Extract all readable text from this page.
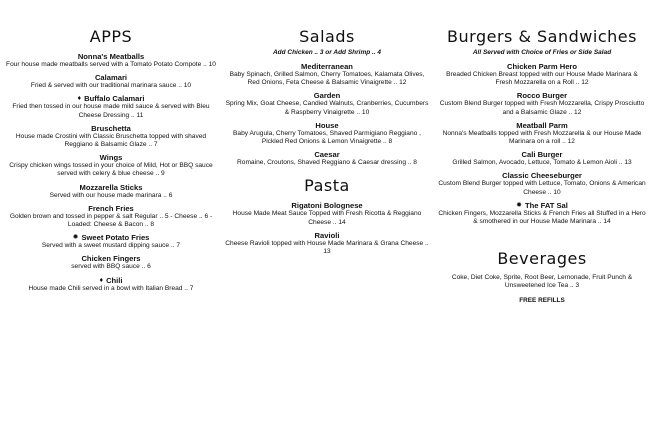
APPS
Nonna's Meatballs
Four house made meatballs served with a Tomato Potato Compote .. 10
Calamari
Fried & served with our traditional marinara sauce .. 10
♦ Buffalo Calamari
Fried then tossed in our house made mild sauce & served with Bleu Cheese Dressing .. 11
Bruschetta
House made Crostini with Classic Bruschetta topped with shaved Reggiano & Balsamic Glaze .. 7
Wings
Crispy chicken wings tossed in your choice of Mild, Hot or BBQ sauce served with celery & blue cheese .. 9
Mozzarella Sticks
Served with our house made marinara .. 6
French Fries
Golden brown and tossed in pepper & salt Regular .. 5 - Cheese .. 6 -Loaded: Cheese & Bacon .. 8
✹ Sweet Potato Fries
Served with a sweet mustard dipping sauce .. 7
Chicken Fingers
served with BBQ sauce .. 6
♦ Chili
House made Chili served in a bowl with Italian Bread .. 7
Salads
Add Chicken .. 3 or Add Shrimp .. 4
Mediterranean
Baby Spinach, Grilled Salmon, Cherry Tomatoes, Kalamata Olives, Red Onions, Feta Cheese & Balsamic Vinaigrette .. 12
Garden
Spring Mix, Goat Cheese, Candied Walnuts, Cranberries, Cucumbers & Raspberry Vinaigrette .. 10
House
Baby Arugula, Cherry Tomatoes, Shaved Parmigiano Reggiano , Pickled Red Onions & Lemon Vinaigrette .. 8
Caesar
Romaine, Croutons, Shaved Reggiano & Caesar dressing .. 8
Pasta
Rigatoni Bolognese
House Made Meat Sauce Topped with Fresh Ricotta & Reggiano Cheese .. 14
Ravioli
Cheese Ravioli topped with House Made Marinara & Grana Cheese .. 13
Burgers & Sandwiches
All Served with Choice of Fries or Side Salad
Chicken Parm Hero
Breaded Chicken Breast topped with our House Made Marinara & Fresh Mozzarella on a Roll .. 12
Rocco Burger
Custom Blend Burger topped with Fresh Mozzarella, Crispy Prosciutto and a Balsamic Glaze .. 12
Meatball Parm
Nonna's Meatballs topped with Fresh Mozzarella & our House Made Marinara on a roll .. 12
Cali Burger
Grilled Salmon, Avocado, Lettuce, Tomato & Lemon Aioli .. 13
Classic Cheeseburger
Custom Blend Burger topped with Lettuce, Tomato, Onions & American Cheese .. 10
✹ The FAT Sal
Chicken Fingers, Mozzarella Sticks & French Fries all Stuffed in a Hero & smothered in our House Made Marinara .. 14
Beverages
Coke, Diet Coke, Sprite, Root Beer, Lemonade, Fruit Punch & Unsweetened Ice Tea .. 3
FREE REFILLS
